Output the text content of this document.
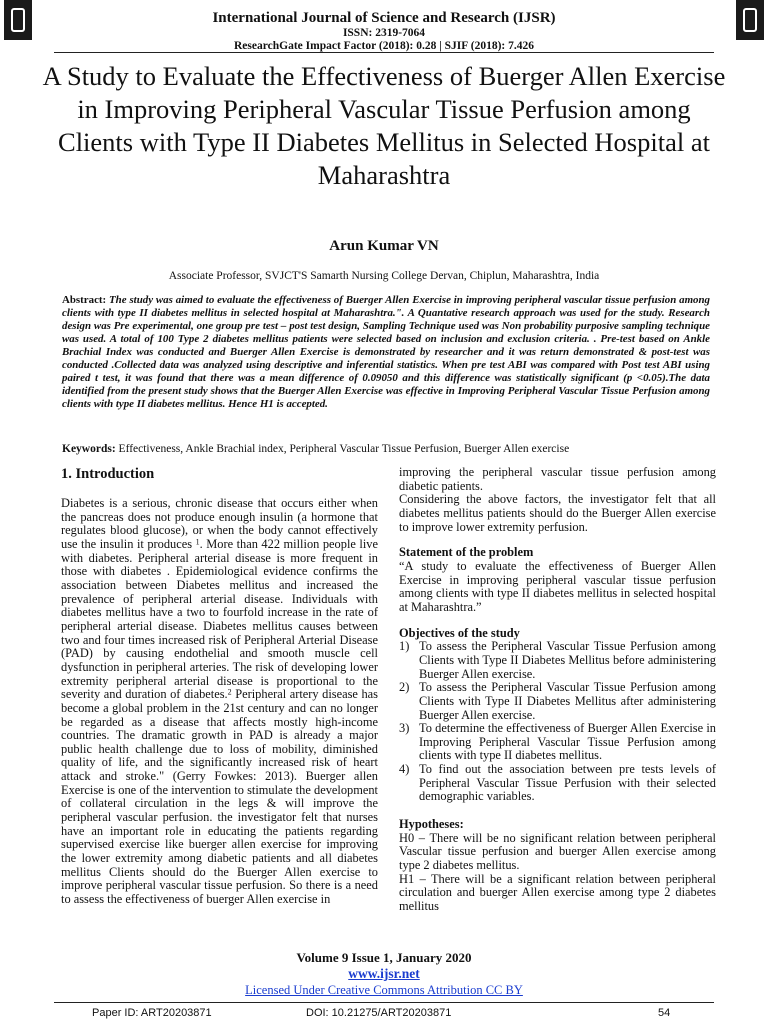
International Journal of Science and Research (IJSR)
ISSN: 2319-7064
ResearchGate Impact Factor (2018): 0.28 | SJIF (2018): 7.426
A Study to Evaluate the Effectiveness of Buerger Allen Exercise in Improving Peripheral Vascular Tissue Perfusion among Clients with Type II Diabetes Mellitus in Selected Hospital at Maharashtra
Arun Kumar VN
Associate Professor, SVJCT'S Samarth Nursing College Dervan, Chiplun, Maharashtra, India
Abstract: The study was aimed to evaluate the effectiveness of Buerger Allen Exercise in improving peripheral vascular tissue perfusion among clients with type II diabetes mellitus in selected hospital at Maharashtra.". A Quantative research approach was used for the study. Research design was Pre experimental, one group pre test – post test design, Sampling Technique used was Non probability purposive sampling technique was used. A total of 100 Type 2 diabetes mellitus patients were selected based on inclusion and exclusion criteria. . Pre-test based on Ankle Brachial Index was conducted and Buerger Allen Exercise is demonstrated by researcher and it was return demonstrated & post-test was conducted .Collected data was analyzed using descriptive and inferential statistics. When pre test ABI was compared with Post test ABI using paired t test, it was found that there was a mean difference of 0.09050 and this difference was statistically significant (p <0.05).The data identified from the present study shows that the Buerger Allen Exercise was effective in Improving Peripheral Vascular Tissue Perfusion among clients with type II diabetes mellitus. Hence H1 is accepted.
Keywords: Effectiveness, Ankle Brachial index, Peripheral Vascular Tissue Perfusion, Buerger Allen exercise
1. Introduction

Diabetes is a serious, chronic disease that occurs either when the pancreas does not produce enough insulin (a hormone that regulates blood glucose), or when the body cannot effectively use the insulin it produces $^1$. More than 422 million people live with diabetes. Peripheral arterial disease is more frequent in those with diabetes . Epidemiological evidence confirms the association between Diabetes mellitus and increased the prevalence of peripheral arterial disease. Individuals with diabetes mellitus have a two to fourfold increase in the rate of peripheral arterial disease. Diabetes mellitus causes between two and four times increased risk of Peripheral Arterial Disease (PAD) by causing endothelial and smooth muscle cell dysfunction in peripheral arteries. The risk of developing lower extremity peripheral arterial disease is proportional to the severity and duration of diabetes.$^2$ Peripheral artery disease has become a global problem in the 21st century and can no longer be regarded as a disease that affects mostly high-income countries. The dramatic growth in PAD is already a major public health challenge due to loss of mobility, diminished quality of life, and the significantly increased risk of heart attack and stroke." (Gerry Fowkes: 2013). Buerger allen Exercise is one of the intervention to stimulate the development of collateral circulation in the legs & will improve the peripheral vascular perfusion. the investigator felt that nurses have an important role in educating the patients regarding supervised exercise like buerger allen exercise for improving the lower extremity among diabetic patients and all diabetes mellitus Clients should do the Buerger Allen exercise to improve peripheral vascular tissue perfusion. So there is a need to assess the effectiveness of buerger Allen exercise in

improving the peripheral vascular tissue perfusion among diabetic patients.

Considering the above factors, the investigator felt that all diabetes mellitus patients should do the Buerger Allen exercise to improve lower extremity perfusion.

Statement of the problem

“A study to evaluate the effectiveness of Buerger Allen Exercise in improving peripheral vascular tissue perfusion among clients with type II diabetes mellitus in selected hospital at Maharashtra.”

Objectives of the study
1) To assess the Peripheral Vascular Tissue Perfusion among Clients with Type II Diabetes Mellitus before administering Buerger Allen exercise.
2) To assess the Peripheral Vascular Tissue Perfusion among Clients with Type II Diabetes Mellitus after administering Buerger Allen exercise.
3) To determine the effectiveness of Buerger Allen Exercise in Improving Peripheral Vascular Tissue Perfusion among clients with type II diabetes mellitus.
4) To find out the association between pre tests levels of Peripheral Vascular Tissue Perfusion with their selected demographic variables.
Hypotheses:

H0 – There will be no significant relation between peripheral Vascular tissue perfusion and buerger Allen exercise among type 2 diabetes mellitus.

H1 – There will be a significant relation between peripheral circulation and buerger Allen exercise among type 2 diabetes mellitus

Volume 9 Issue 1, January 2020
www.ijsr.net
Licensed Under Creative Commons Attribution CC BY
Paper ID: ART20203871	DOI: 10.21275/ART20203871	54
